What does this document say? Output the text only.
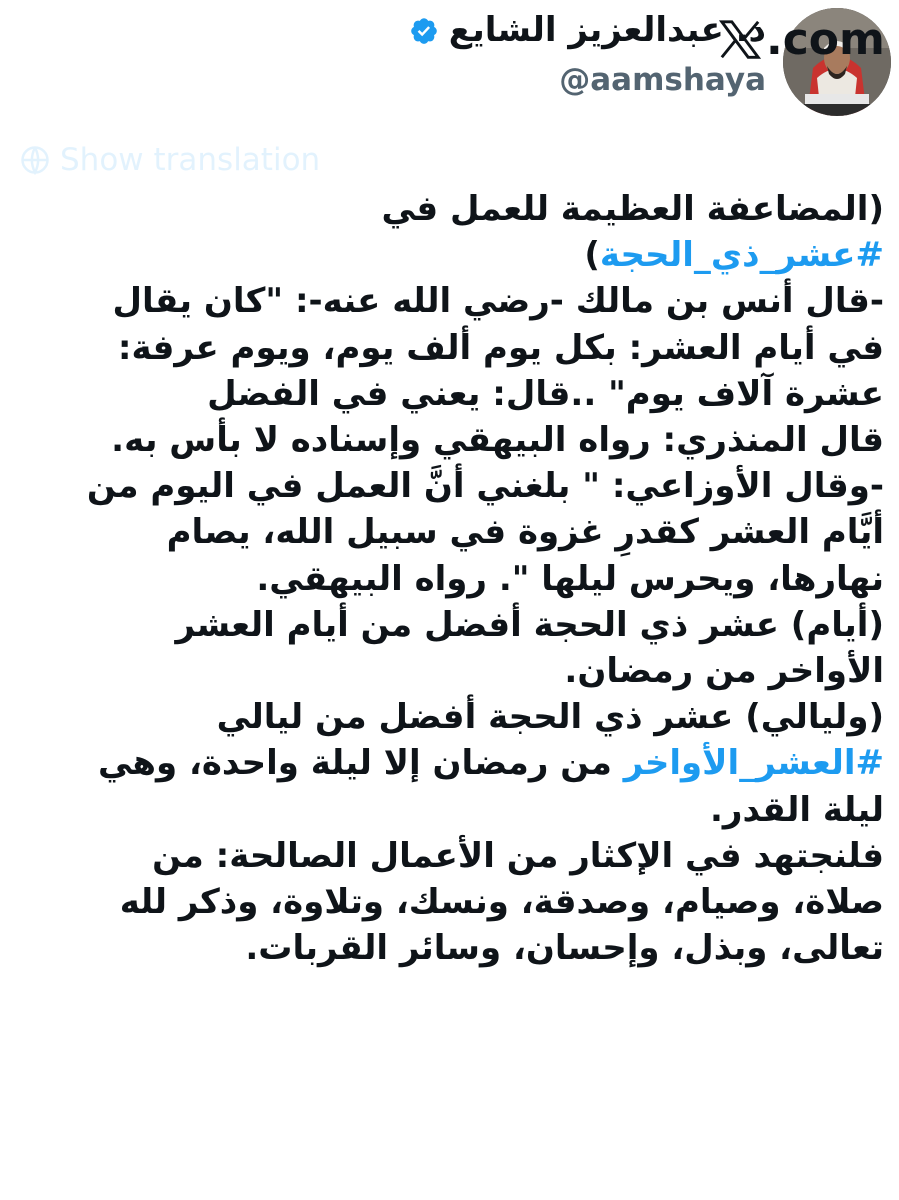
د. عبدالعزيز الشايع
@aamshaya
.com
Show translation
(المضاعفة العظيمة للعمل في
#عشر_ذي_الحجة)
-قال أنس بن مالك -رضي الله عنه-: "كان يقال
في أيام العشر: بكل يوم ألف يوم، ويوم عرفة:
عشرة آلاف يوم" ..قال: يعني في الفضل
قال المنذري: رواه البيهقي وإسناده لا بأس به.
-وقال الأوزاعي: " بلغني أنَّ العمل في اليوم من
أيَّام العشر كقدرِ غزوة في سبيل الله، يصام
نهارها، ويحرس ليلها ". رواه البيهقي.
(أيام) عشر ذي الحجة أفضل من أيام العشر
الأواخر من رمضان.
(وليالي) عشر ذي الحجة أفضل من ليالي
#العشر_الأواخر من رمضان إلا ليلة واحدة، وهي
ليلة القدر.
فلنجتهد في الإكثار من الأعمال الصالحة: من
صلاة، وصيام، وصدقة، ونسك، وتلاوة، وذكر لله
تعالى، وبذل، وإحسان، وسائر القربات.
